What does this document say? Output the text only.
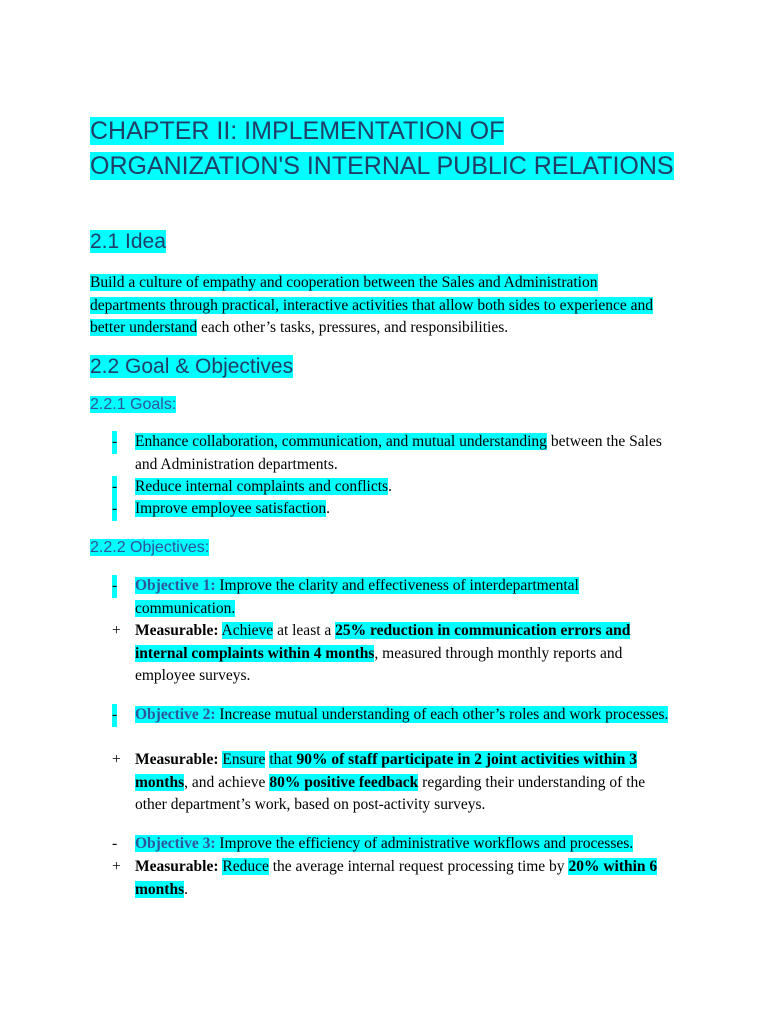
CHAPTER II: IMPLEMENTATION OF ORGANIZATION'S INTERNAL PUBLIC RELATIONS
2.1 Idea

Build a culture of empathy and cooperation between the Sales and Administration departments through practical, interactive activities that allow both sides to experience and better understand each other’s tasks, pressures, and responsibilities.

2.2 Goal & Objectives
2.2.1 Goals:
- Enhance collaboration, communication, and mutual understanding between the Sales and Administration departments.
- Reduce internal complaints and conflicts.
- Improve employee satisfaction.
2.2.2 Objectives:
- Objective 1: Improve the clarity and effectiveness of interdepartmental communication.
+ Measurable: Achieve at least a 25% reduction in communication errors and internal complaints within 4 months, measured through monthly reports and employee surveys.
- Objective 2: Increase mutual understanding of each other’s roles and work processes.
+ Measurable: Ensure that 90% of staff participate in 2 joint activities within 3 months, and achieve 80% positive feedback regarding their understanding of the other department’s work, based on post-activity surveys.
- Objective 3: Improve the efficiency of administrative workflows and processes.
+ Measurable: Reduce the average internal request processing time by 20% within 6 months.
